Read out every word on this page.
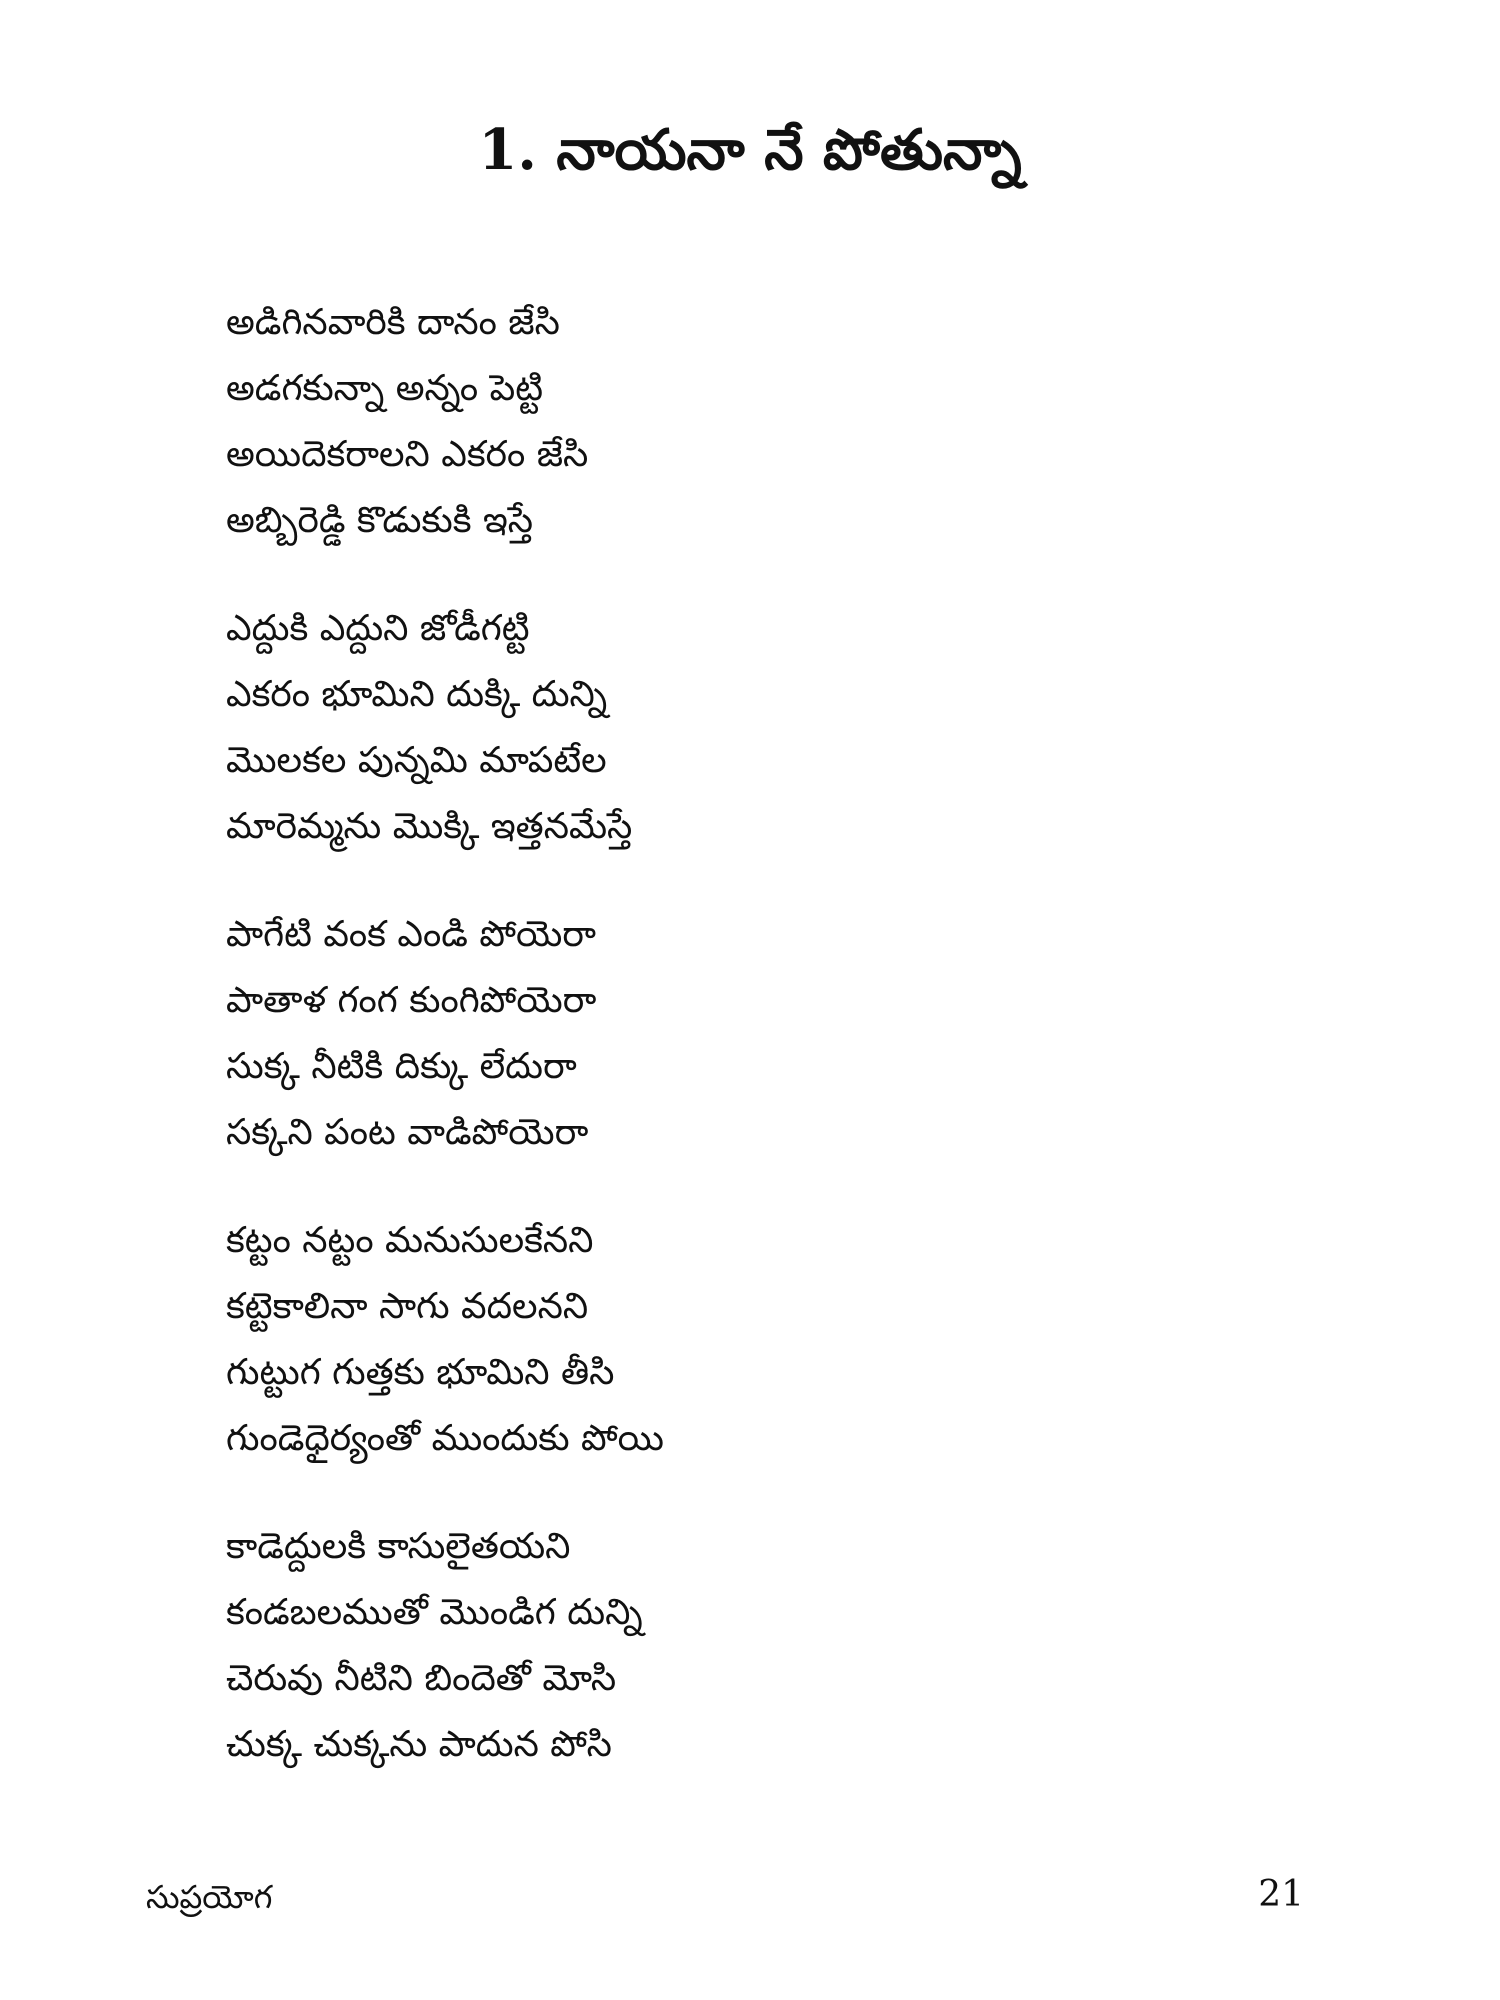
1. నాయనా నే పోతున్నా
అడిగినవారికి దానం జేసి
అడగకున్నా అన్నం పెట్టి
అయిదెకరాలని ఎకరం జేసి
అబ్బిరెడ్డి కొడుకుకి ఇస్తే
ఎద్దుకి ఎద్దుని జోడీగట్టి
ఎకరం భూమిని దుక్కి దున్ని
మొలకల పున్నమి మాపటేల
మారెమ్మను మొక్కి ఇత్తనమేస్తే
పాగేటి వంక ఎండి పోయెరా
పాతాళ గంగ కుంగిపోయెరా
సుక్క నీటికి దిక్కు లేదురా
సక్కని పంట వాడిపోయెరా
కట్టం నట్టం మనుసులకేనని
కట్టెకాలినా సాగు వదలనని
గుట్టుగ గుత్తకు భూమిని తీసి
గుండెధైర్యంతో ముందుకు పోయి
కాడెద్దులకి కాసులైతయని
కండబలముతో మొండిగ దున్ని
చెరువు నీటిని బిందెతో మోసి
చుక్క చుక్కను పాదున పోసి
సుప్రయోగ	21
